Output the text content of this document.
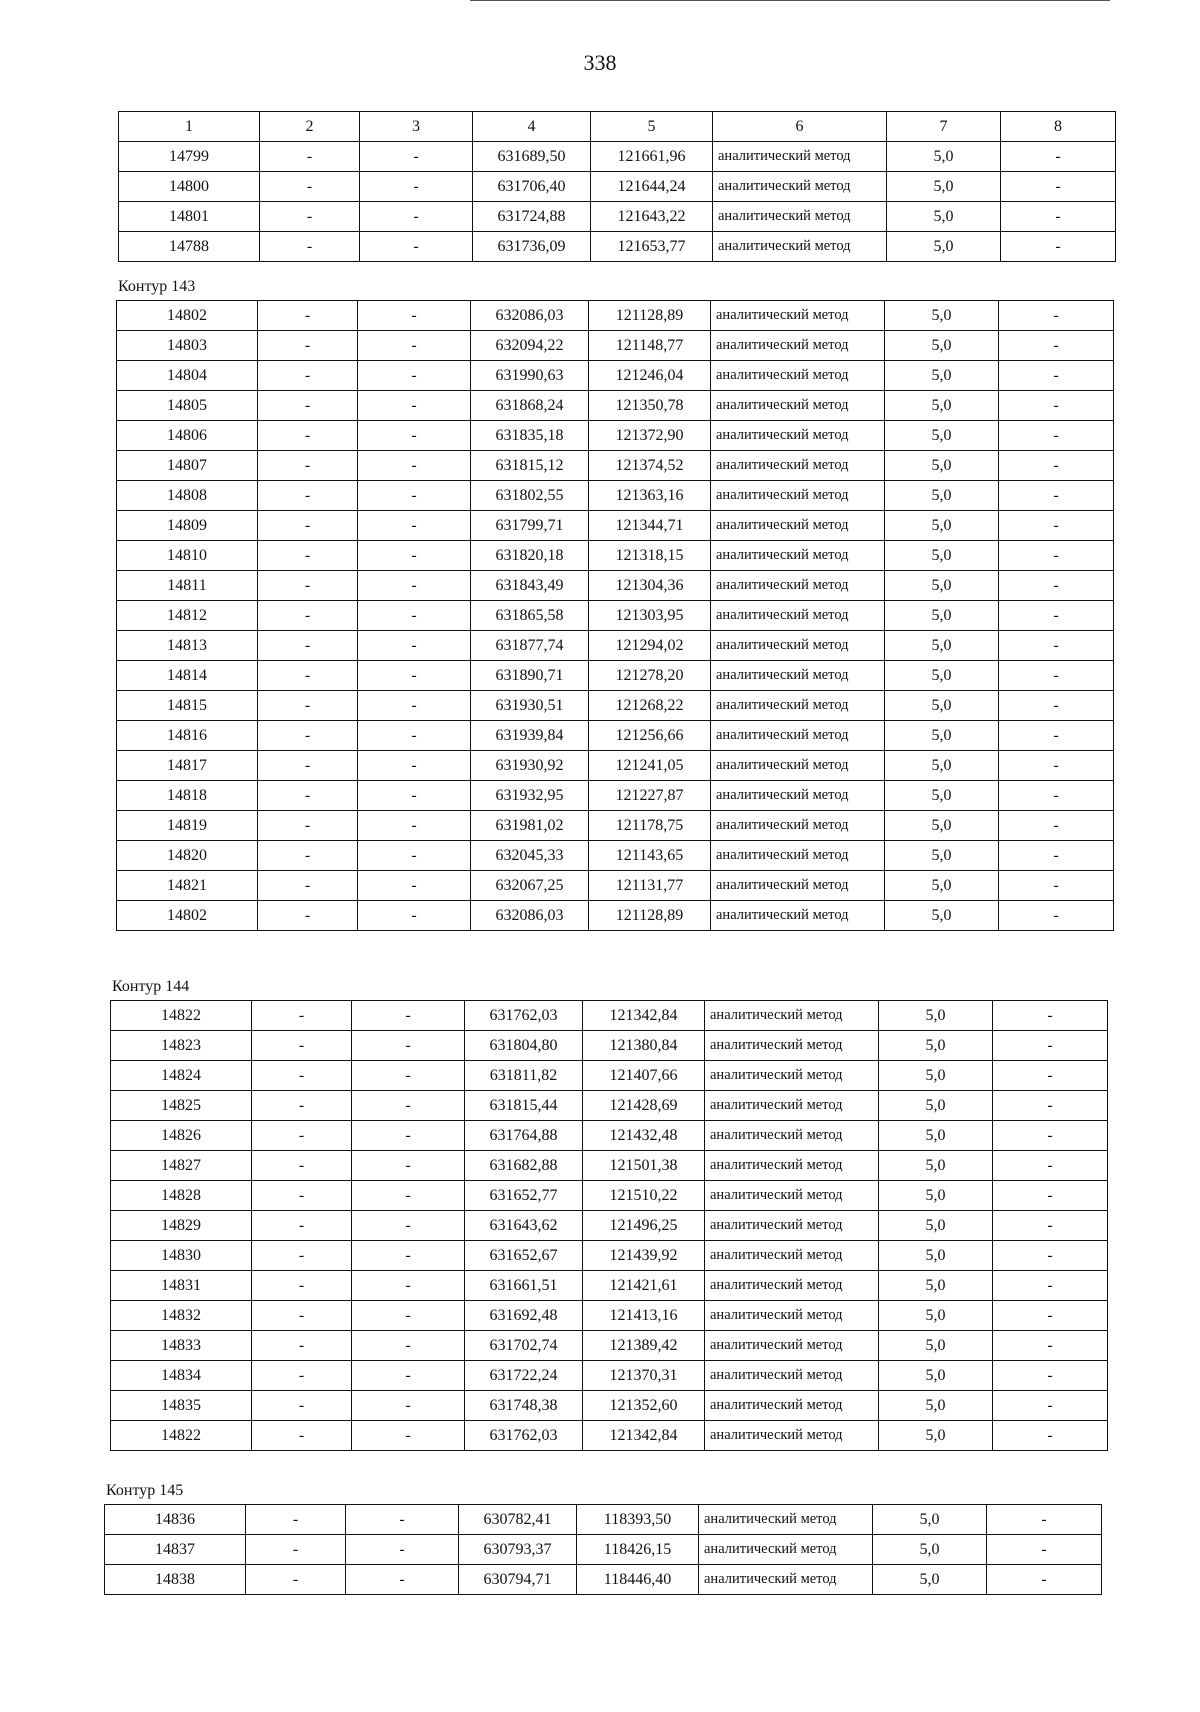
338
1	2	3	4	5	6	7	8
14799	-	-	631689,50	121661,96	аналитический метод	5,0	-
14800	-	-	631706,40	121644,24	аналитический метод	5,0	-
14801	-	-	631724,88	121643,22	аналитический метод	5,0	-
14788	-	-	631736,09	121653,77	аналитический метод	5,0	-
Контур 143
14802	-	-	632086,03	121128,89	аналитический метод	5,0	-
14803	-	-	632094,22	121148,77	аналитический метод	5,0	-
14804	-	-	631990,63	121246,04	аналитический метод	5,0	-
14805	-	-	631868,24	121350,78	аналитический метод	5,0	-
14806	-	-	631835,18	121372,90	аналитический метод	5,0	-
14807	-	-	631815,12	121374,52	аналитический метод	5,0	-
14808	-	-	631802,55	121363,16	аналитический метод	5,0	-
14809	-	-	631799,71	121344,71	аналитический метод	5,0	-
14810	-	-	631820,18	121318,15	аналитический метод	5,0	-
14811	-	-	631843,49	121304,36	аналитический метод	5,0	-
14812	-	-	631865,58	121303,95	аналитический метод	5,0	-
14813	-	-	631877,74	121294,02	аналитический метод	5,0	-
14814	-	-	631890,71	121278,20	аналитический метод	5,0	-
14815	-	-	631930,51	121268,22	аналитический метод	5,0	-
14816	-	-	631939,84	121256,66	аналитический метод	5,0	-
14817	-	-	631930,92	121241,05	аналитический метод	5,0	-
14818	-	-	631932,95	121227,87	аналитический метод	5,0	-
14819	-	-	631981,02	121178,75	аналитический метод	5,0	-
14820	-	-	632045,33	121143,65	аналитический метод	5,0	-
14821	-	-	632067,25	121131,77	аналитический метод	5,0	-
14802	-	-	632086,03	121128,89	аналитический метод	5,0	-
Контур 144
14822	-	-	631762,03	121342,84	аналитический метод	5,0	-
14823	-	-	631804,80	121380,84	аналитический метод	5,0	-
14824	-	-	631811,82	121407,66	аналитический метод	5,0	-
14825	-	-	631815,44	121428,69	аналитический метод	5,0	-
14826	-	-	631764,88	121432,48	аналитический метод	5,0	-
14827	-	-	631682,88	121501,38	аналитический метод	5,0	-
14828	-	-	631652,77	121510,22	аналитический метод	5,0	-
14829	-	-	631643,62	121496,25	аналитический метод	5,0	-
14830	-	-	631652,67	121439,92	аналитический метод	5,0	-
14831	-	-	631661,51	121421,61	аналитический метод	5,0	-
14832	-	-	631692,48	121413,16	аналитический метод	5,0	-
14833	-	-	631702,74	121389,42	аналитический метод	5,0	-
14834	-	-	631722,24	121370,31	аналитический метод	5,0	-
14835	-	-	631748,38	121352,60	аналитический метод	5,0	-
14822	-	-	631762,03	121342,84	аналитический метод	5,0	-
Контур 145
14836	-	-	630782,41	118393,50	аналитический метод	5,0	-
14837	-	-	630793,37	118426,15	аналитический метод	5,0	-
14838	-	-	630794,71	118446,40	аналитический метод	5,0	-
